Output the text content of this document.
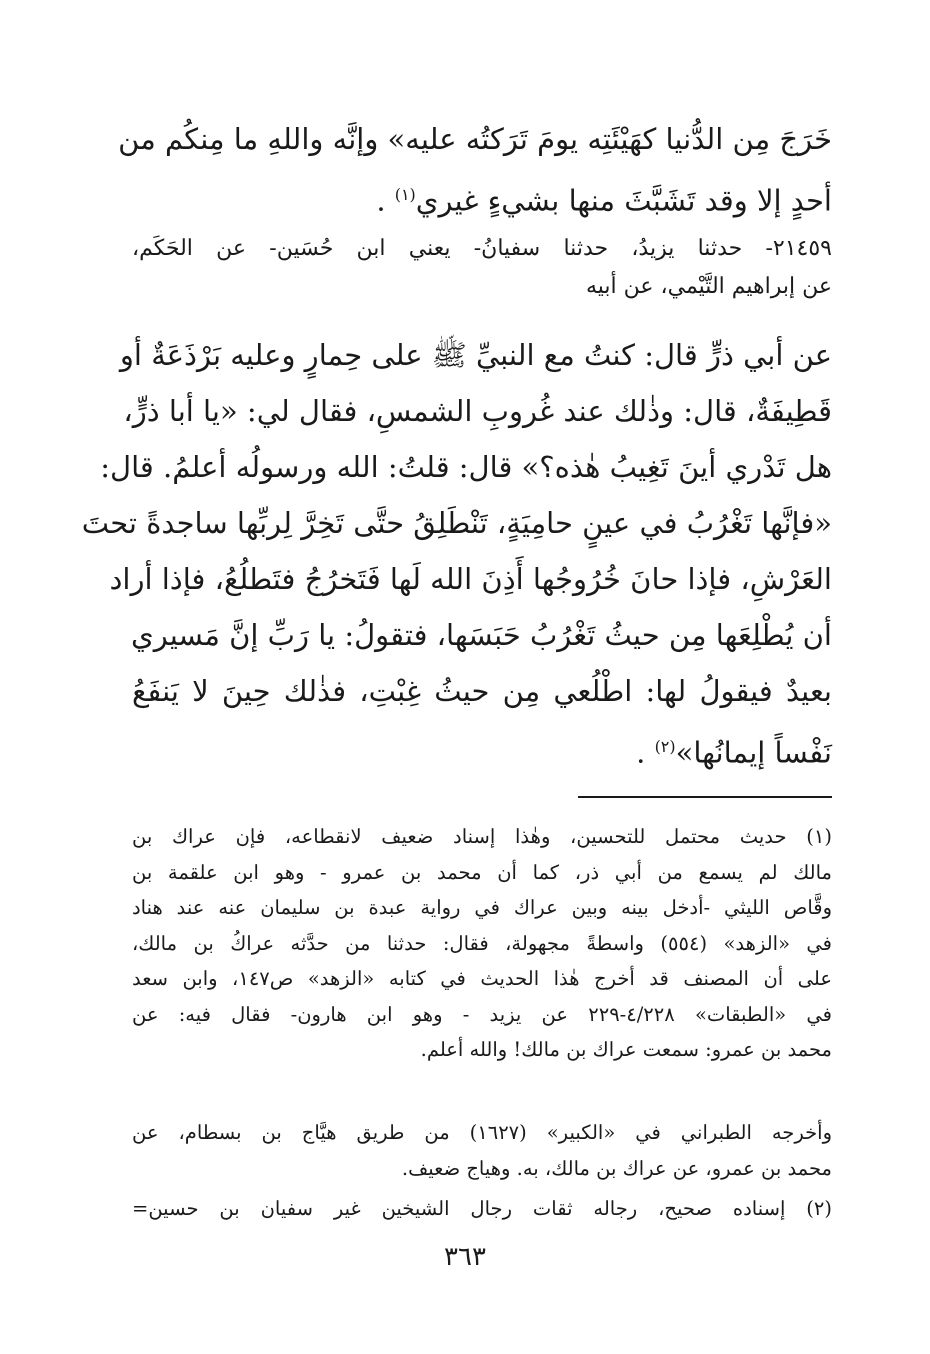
خَرَجَ مِن الدُّنيا كهَيْئَتِه يومَ تَرَكتُه عليه» وإنَّه واللهِ ما مِنكُم من
أحدٍ إلا وقد تَشَبَّثَ منها بشيءٍ غيري$^{(١)}$ .

٢١٤٥٩- حدثنا يزيدُ، حدثنا سفيانُ- يعني ابن حُسَين- عن الحَكَم،
عن إبراهيم التَّيْمي، عن أبيه

عن أبي ذرٍّ قال: كنتُ مع النبيِّ ﷺ على حِمارٍ وعليه بَرْذَعَةٌ أو
قَطِيفَةٌ، قال: وذٰلك عند غُروبِ الشمسِ، فقال لي: «يا أبا ذرٍّ،
هل تَدْري أينَ تَغِيبُ هٰذه؟» قال: قلتُ: الله ورسولُه أعلمُ. قال:
«فإنَّها تَغْرُبُ في عينٍ حامِيَةٍ، تَنْطَلِقُ حتَّى تَخِرَّ لِربِّها ساجدةً تحتَ
العَرْشِ، فإذا حانَ خُرُوجُها أَذِنَ الله لَها فَتَخرُجُ فتَطلُعُ، فإذا أراد
أن يُطْلِعَها مِن حيثُ تَغْرُبُ حَبَسَها، فتقولُ: يا رَبِّ إنَّ مَسيري
بعيدٌ فيقولُ لها: اطْلُعي مِن حيثُ غِبْتِ، فذٰلك حِينَ لا يَنفَعُ
نَفْساً إيمانُها»$^{(٢)}$ .

(١) حديث محتمل للتحسين، وهٰذا إسناد ضعيف لانقطاعه، فإن عراك بن
مالك لم يسمع من أبي ذر، كما أن محمد بن عمرو - وهو ابن علقمة بن
وقَّاص الليثي -أدخل بينه وبين عراك في رواية عبدة بن سليمان عنه عند هناد
في «الزهد» (٥٥٤) واسطةً مجهولة، فقال: حدثنا من حدَّثه عراكُ بن مالك،
على أن المصنف قد أخرج هٰذا الحديث في كتابه «الزهد» ص١٤٧، وابن سعد
في «الطبقات» ٤/٢٢٨-٢٢٩ عن يزيد - وهو ابن هارون- فقال فيه: عن
محمد بن عمرو: سمعت عراك بن مالك! والله أعلم.

وأخرجه الطبراني في «الكبير» (١٦٢٧) من طريق هيَّاج بن بسطام، عن
محمد بن عمرو، عن عراك بن مالك، به. وهياج ضعيف.

(٢) إسناده صحيح، رجاله ثقات رجال الشيخين غير سفيان بن حسين=

٣٦٣
